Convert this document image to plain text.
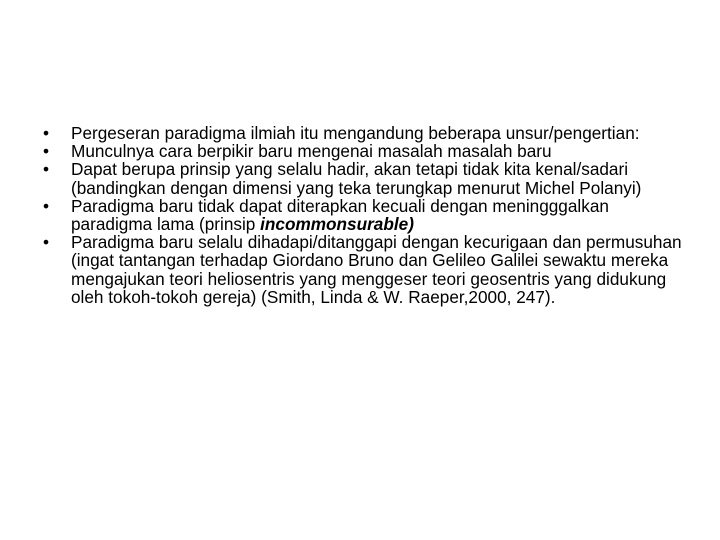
•	Pergeseran paradigma ilmiah itu mengandung beberapa unsur/pengertian:
•	Munculnya cara berpikir baru mengenai masalah masalah baru
•	Dapat berupa prinsip yang selalu hadir, akan tetapi tidak kita kenal/sadari (bandingkan dengan dimensi yang teka terungkap menurut Michel Polanyi)
•	Paradigma baru tidak dapat diterapkan kecuali dengan meningggalkan paradigma lama (prinsip incommonsurable)
•	Paradigma baru selalu dihadapi/ditanggapi dengan kecurigaan dan permusuhan (ingat tantangan terhadap Giordano Bruno dan Gelileo Galilei sewaktu mereka mengajukan teori heliosentris yang menggeser teori geosentris yang didukung oleh tokoh-tokoh gereja) (Smith, Linda & W. Raeper,2000, 247).
